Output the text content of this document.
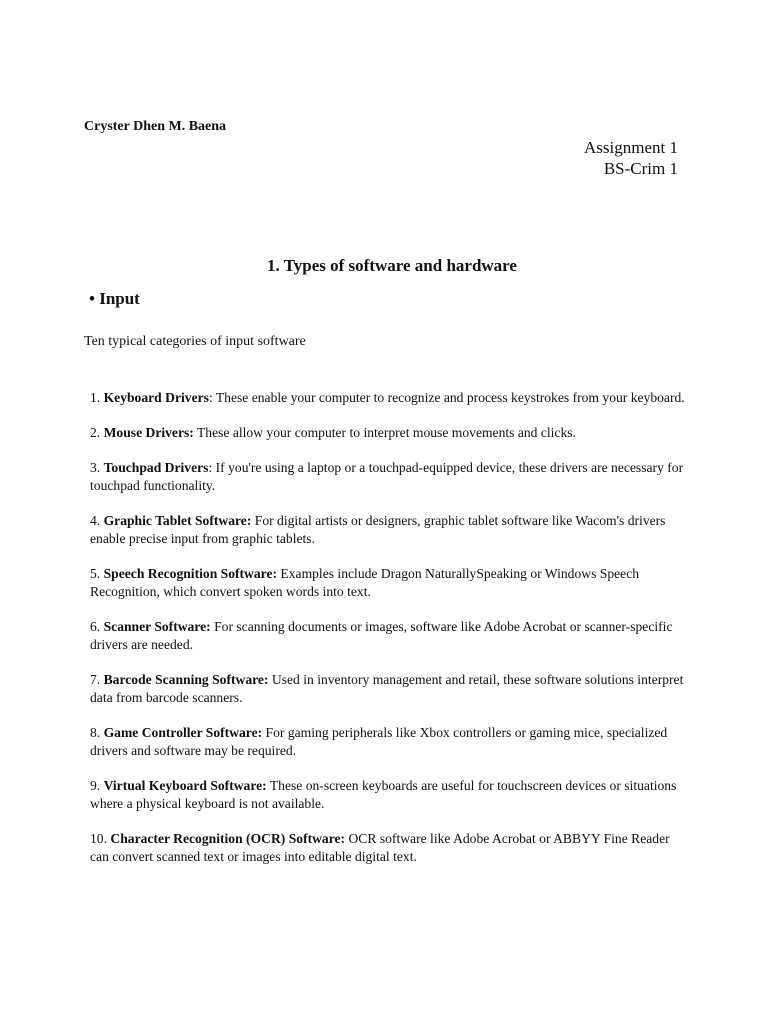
Cryster Dhen M. Baena
Assignment 1
BS-Crim 1
1. Types of software and hardware
• Input
Ten typical categories of input software
1. Keyboard Drivers: These enable your computer to recognize and process keystrokes from your keyboard.
2. Mouse Drivers: These allow your computer to interpret mouse movements and clicks.
3. Touchpad Drivers: If you're using a laptop or a touchpad-equipped device, these drivers are necessary for touchpad functionality.
4. Graphic Tablet Software: For digital artists or designers, graphic tablet software like Wacom's drivers enable precise input from graphic tablets.
5. Speech Recognition Software: Examples include Dragon NaturallySpeaking or Windows Speech Recognition, which convert spoken words into text.
6. Scanner Software: For scanning documents or images, software like Adobe Acrobat or scanner-specific drivers are needed.
7. Barcode Scanning Software: Used in inventory management and retail, these software solutions interpret data from barcode scanners.
8. Game Controller Software: For gaming peripherals like Xbox controllers or gaming mice, specialized drivers and software may be required.
9. Virtual Keyboard Software: These on-screen keyboards are useful for touchscreen devices or situations where a physical keyboard is not available.
10. Character Recognition (OCR) Software: OCR software like Adobe Acrobat or ABBYY Fine Reader can convert scanned text or images into editable digital text.
